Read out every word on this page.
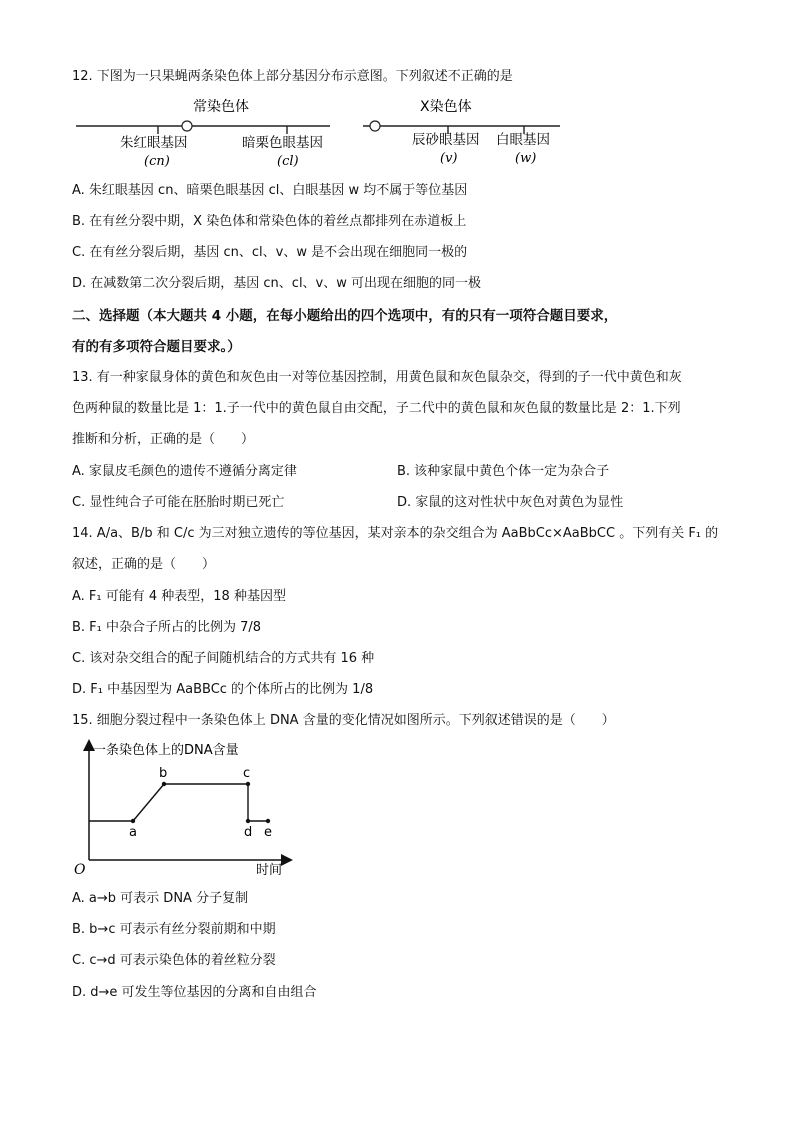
12. 下图为一只果蝇两条染色体上部分基因分布示意图。下列叙述不正确的是
常染色体	X染色体
朱红眼基因
(cn)
暗栗色眼基因
(cl)
辰砂眼基因
(v)
白眼基因
(w)
A. 朱红眼基因 cn、暗栗色眼基因 cl、白眼基因 w 均不属于等位基因
B. 在有丝分裂中期，X 染色体和常染色体的着丝点都排列在赤道板上
C. 在有丝分裂后期，基因 cn、cl、v、w 是不会出现在细胞同一极的
D. 在减数第二次分裂后期，基因 cn、cl、v、w 可出现在细胞的同一极
二、选择题（本大题共 4 小题，在每小题给出的四个选项中，有的只有一项符合题目要求，
有的有多项符合题目要求。）
13. 有一种家鼠身体的黄色和灰色由一对等位基因控制，用黄色鼠和灰色鼠杂交，得到的子一代中黄色和灰
色两种鼠的数量比是 1：1.子一代中的黄色鼠自由交配，子二代中的黄色鼠和灰色鼠的数量比是 2：1.下列
推断和分析，正确的是（　　）
A. 家鼠皮毛颜色的遗传不遵循分离定律	B. 该种家鼠中黄色个体一定为杂合子
C. 显性纯合子可能在胚胎时期已死亡	D. 家鼠的这对性状中灰色对黄色为显性
14. A/a、B/b 和 C/c 为三对独立遗传的等位基因，某对亲本的杂交组合为 AaBbCc×AaBbCC 。下列有关 F₁ 的
叙述，正确的是（　　）
A. F₁ 可能有 4 种表型，18 种基因型
B. F₁ 中杂合子所占的比例为 7/8
C. 该对杂交组合的配子间随机结合的方式共有 16 种
D. F₁ 中基因型为 AaBBCc 的个体所占的比例为 1/8
15. 细胞分裂过程中一条染色体上 DNA 含量的变化情况如图所示。下列叙述错误的是（　　）
一条染色体上的DNA含量
时间
O
a
b	c
d e
A. a→b 可表示 DNA 分子复制
B. b→c 可表示有丝分裂前期和中期
C. c→d 可表示染色体的着丝粒分裂
D. d→e 可发生等位基因的分离和自由组合
